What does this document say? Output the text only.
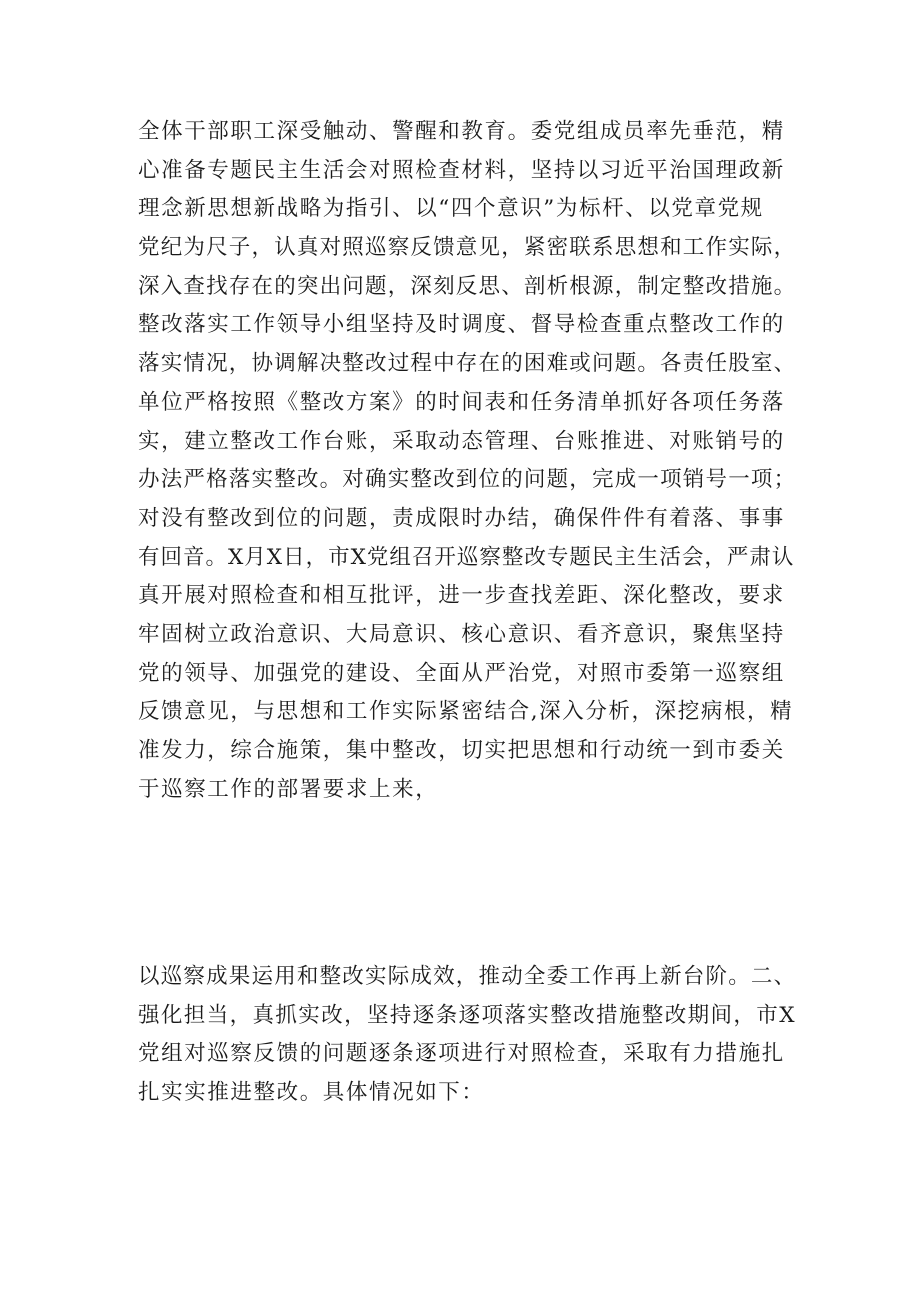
全体干部职工深受触动、警醒和教育。委党组成员率先垂范，精
心准备专题民主生活会对照检查材料，坚持以习近平治国理政新
理念新思想新战略为指引、以“四个意识”为标杆、以党章党规
党纪为尺子，认真对照巡察反馈意见，紧密联系思想和工作实际，
深入查找存在的突出问题，深刻反思、剖析根源，制定整改措施。
整改落实工作领导小组坚持及时调度、督导检查重点整改工作的
落实情况，协调解决整改过程中存在的困难或问题。各责任股室、
单位严格按照《整改方案》的时间表和任务清单抓好各项任务落
实，建立整改工作台账，采取动态管理、台账推进、对账销号的
办法严格落实整改。对确实整改到位的问题，完成一项销号一项；
对没有整改到位的问题，责成限时办结，确保件件有着落、事事
有回音。X月X日，市X党组召开巡察整改专题民主生活会，严肃认
真开展对照检查和相互批评，进一步查找差距、深化整改，要求
牢固树立政治意识、大局意识、核心意识、看齐意识，聚焦坚持
党的领导、加强党的建设、全面从严治党，对照市委第一巡察组
反馈意见，与思想和工作实际紧密结合,深入分析，深挖病根，精
准发力，综合施策，集中整改，切实把思想和行动统一到市委关
于巡察工作的部署要求上来，
以巡察成果运用和整改实际成效，推动全委工作再上新台阶。二、
强化担当，真抓实改，坚持逐条逐项落实整改措施整改期间，市X
党组对巡察反馈的问题逐条逐项进行对照检查，采取有力措施扎
扎实实推进整改。具体情况如下：
